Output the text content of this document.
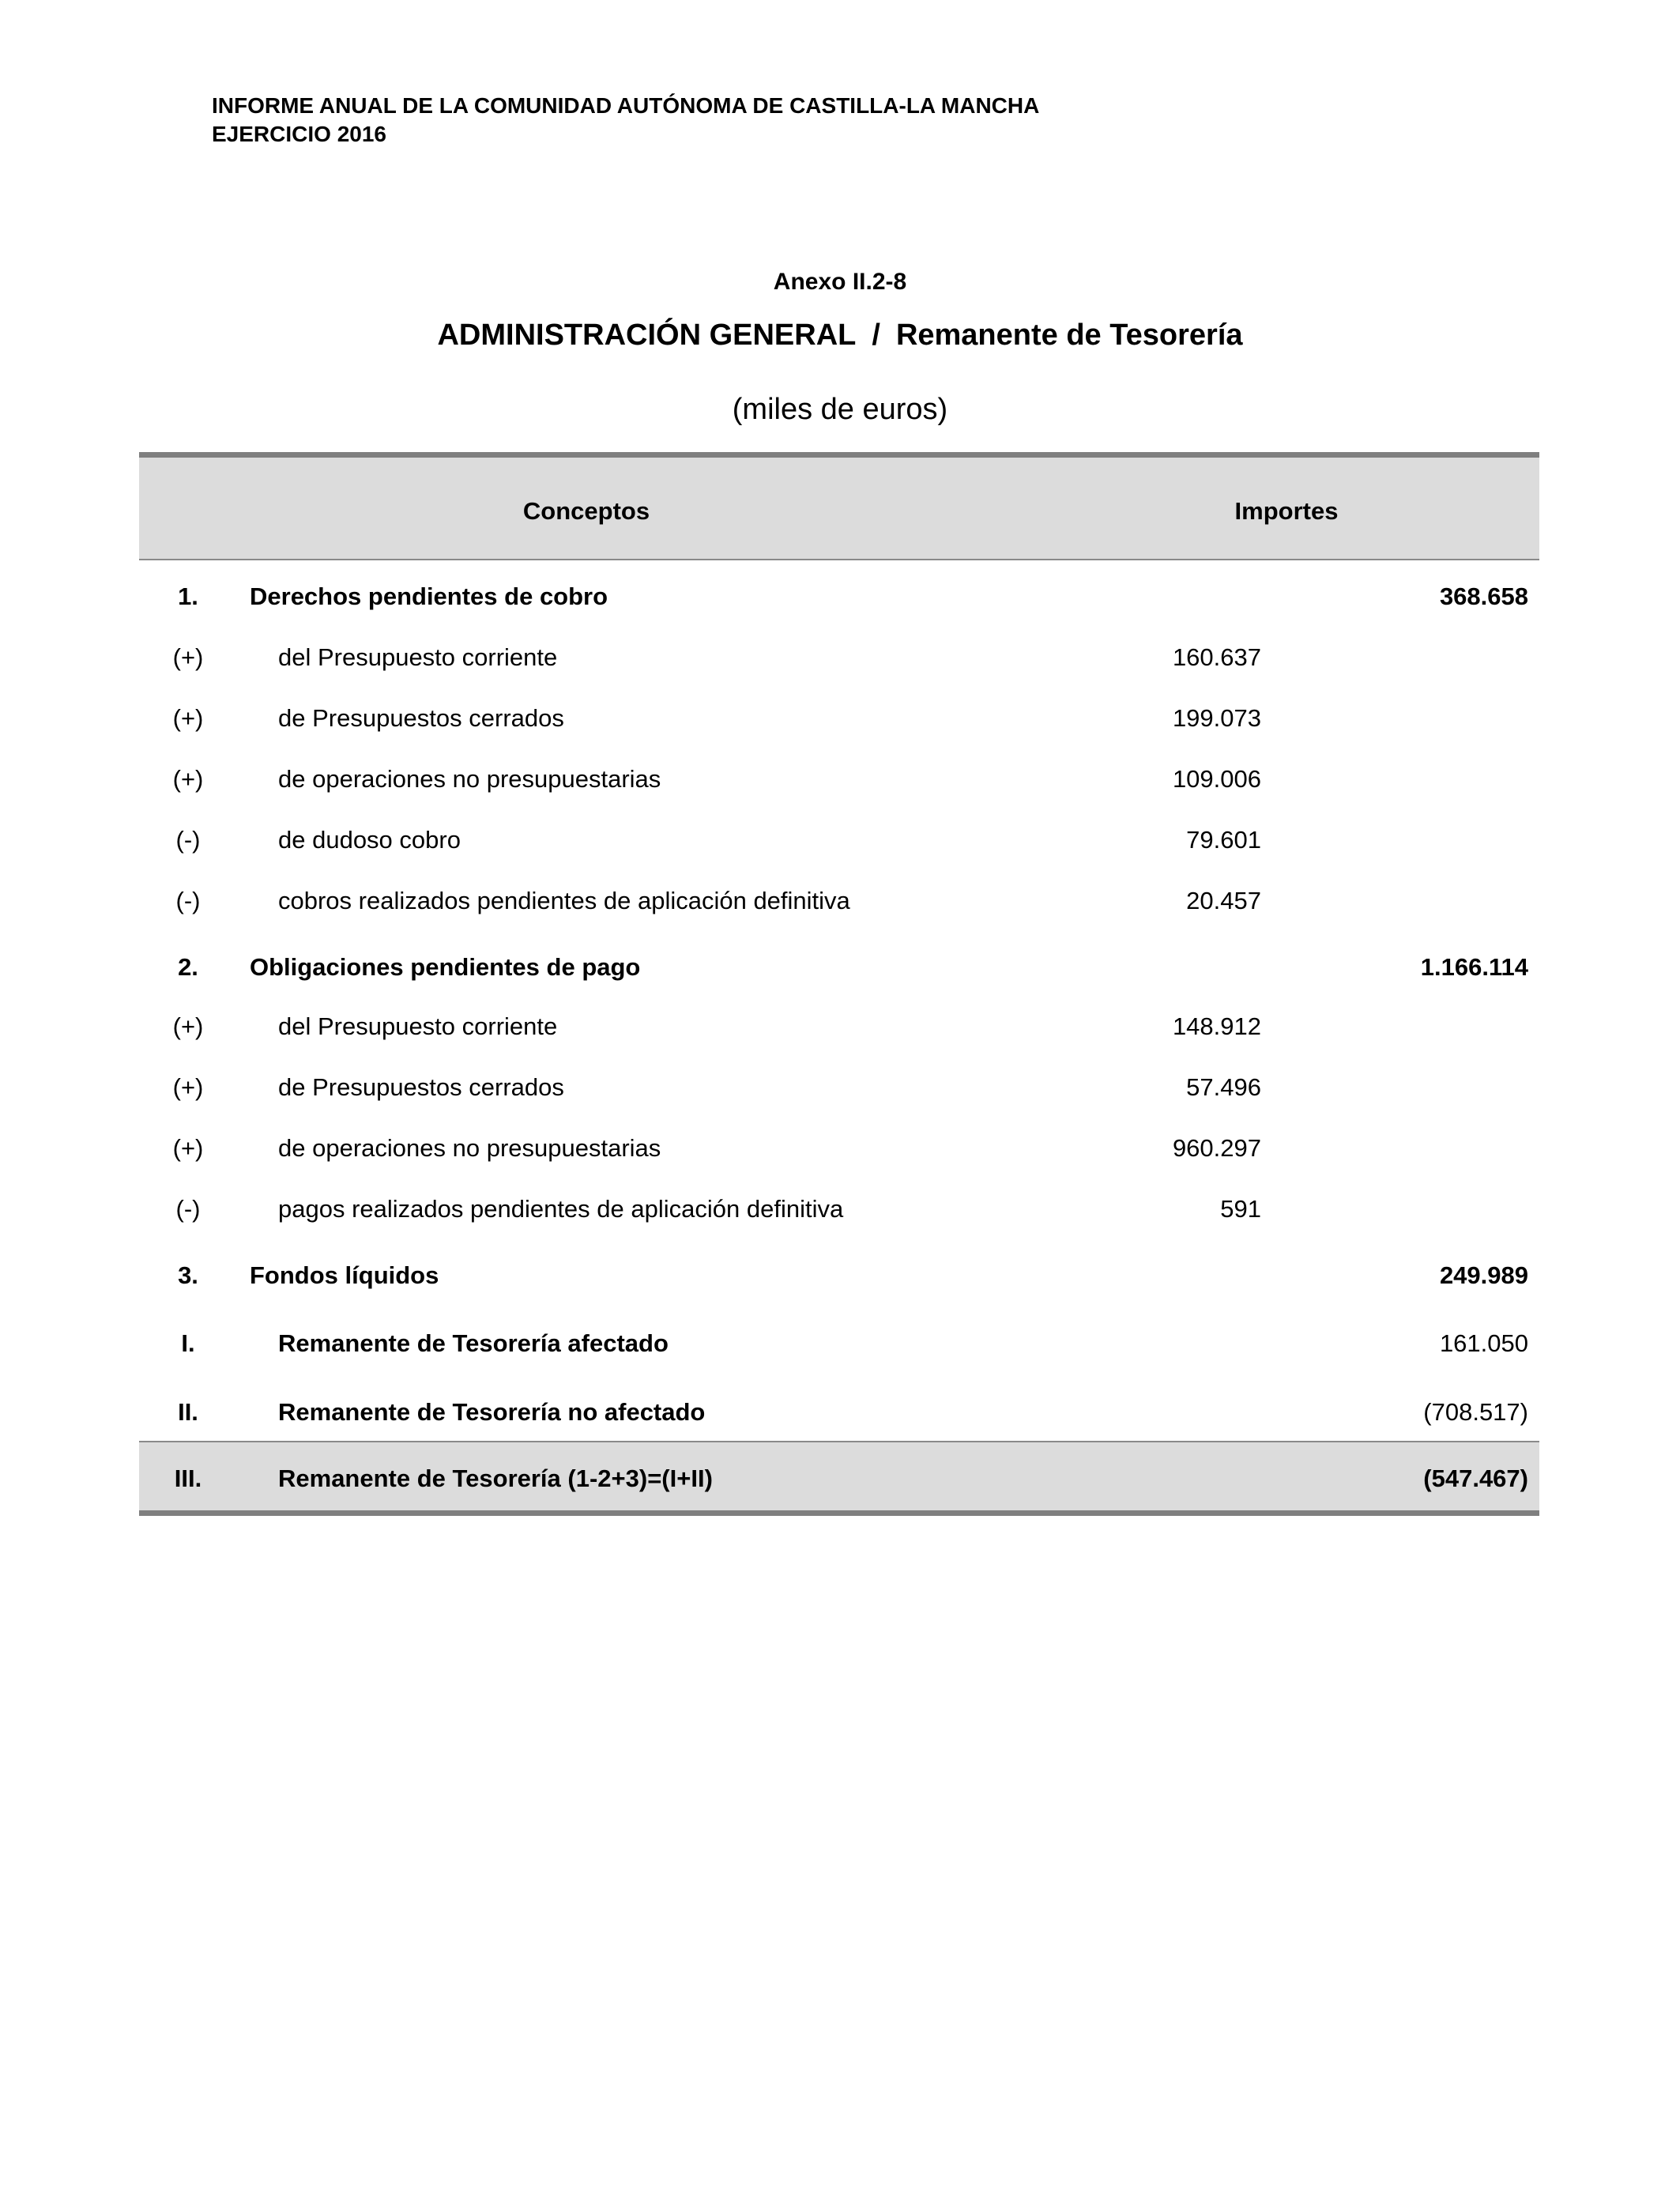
INFORME ANUAL DE LA COMUNIDAD AUTÓNOMA DE CASTILLA-LA MANCHA
EJERCICIO 2016
Anexo II.2-8
ADMINISTRACIÓN GENERAL / Remanente de Tesorería
(miles de euros)
Conceptos	Importes
1.	Derechos pendientes de cobro	368.658
(+)	del Presupuesto corriente	160.637
(+)	de Presupuestos cerrados	199.073
(+)	de operaciones no presupuestarias	109.006
(-)	de dudoso cobro	79.601
(-)	cobros realizados pendientes de aplicación definitiva	20.457
2.	Obligaciones pendientes de pago	1.166.114
(+)	del Presupuesto corriente	148.912
(+)	de Presupuestos cerrados	57.496
(+)	de operaciones no presupuestarias	960.297
(-)	pagos realizados pendientes de aplicación definitiva	591
3.	Fondos líquidos	249.989
I.	Remanente de Tesorería afectado	161.050
II.	Remanente de Tesorería no afectado	(708.517)
III.	Remanente de Tesorería (1-2+3)=(I+II)	(547.467)
